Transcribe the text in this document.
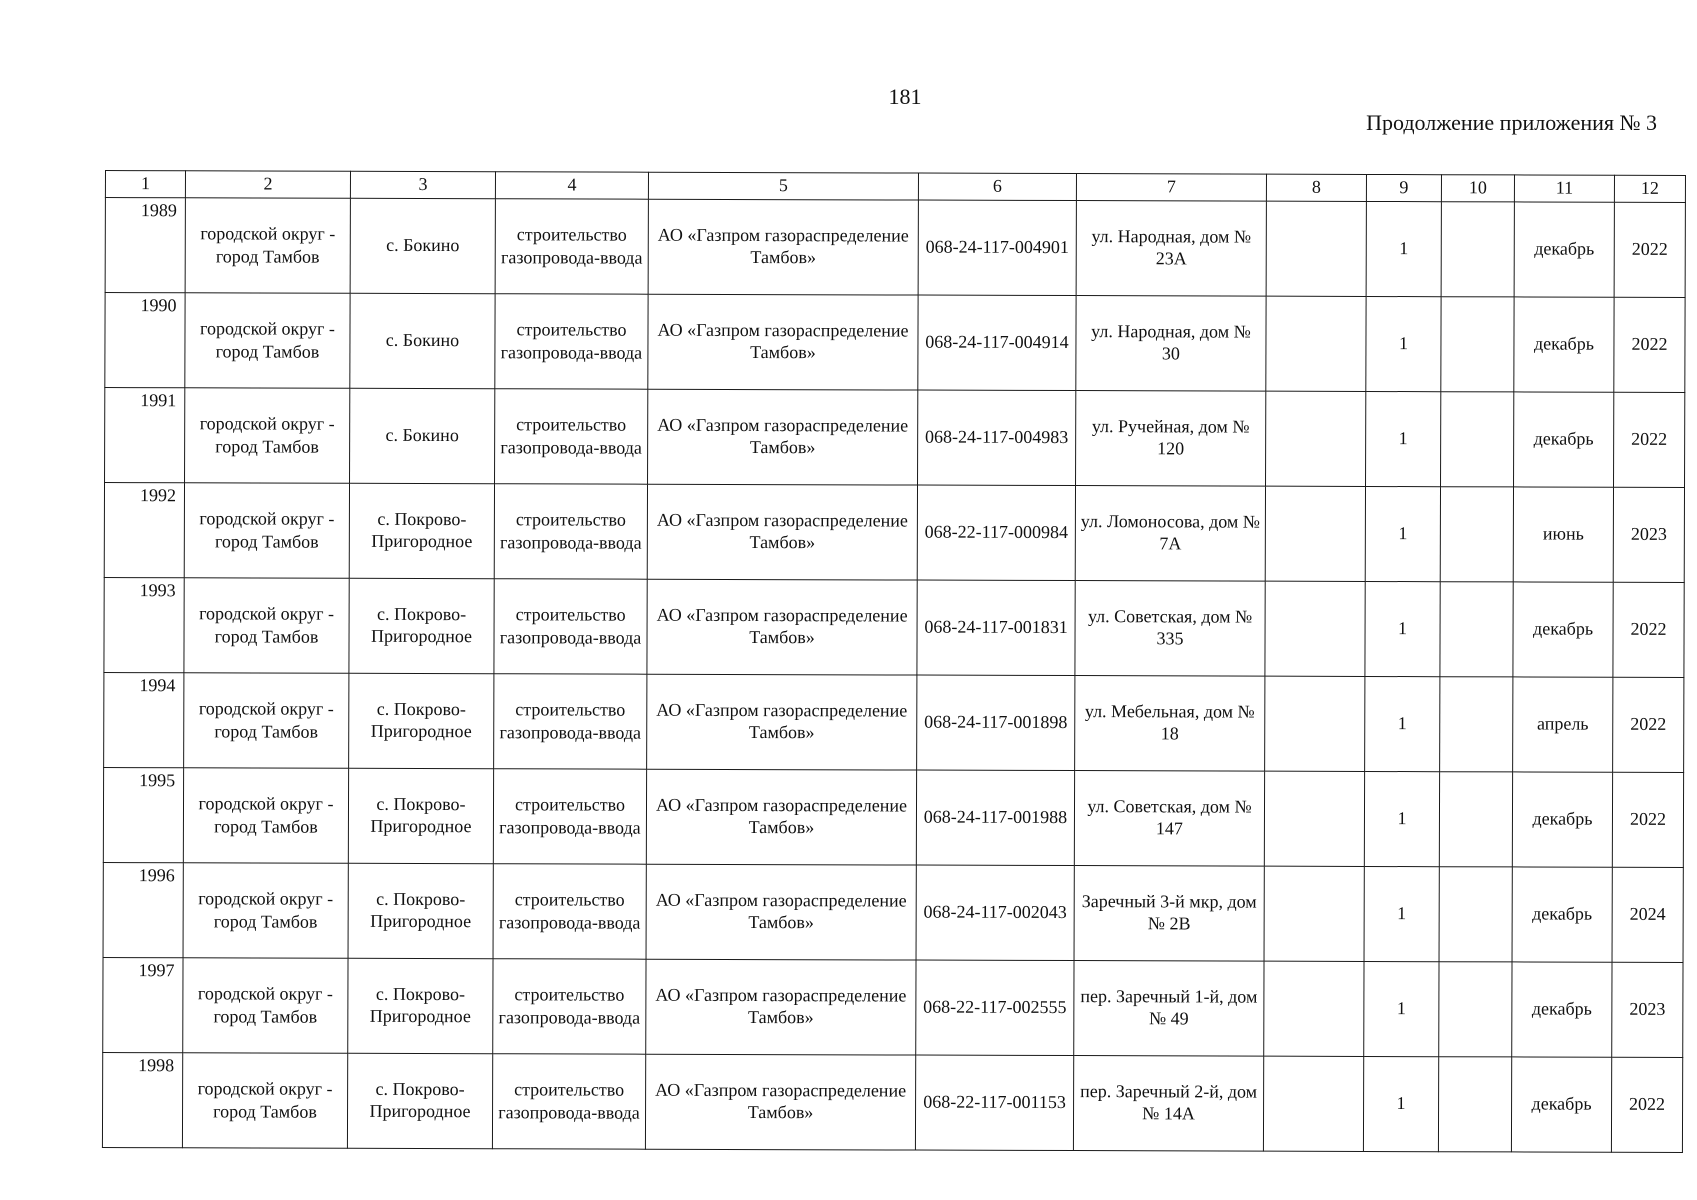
181
Продолжение приложения № 3
1	2	3	4	5	6	7	8	9	10	11	12
1989	городской округ - город Тамбов	с. Бокино	строительство газопровода-ввода	АО «Газпром газораспределение Тамбов»	068-24-117-004901	ул. Народная, дом № 23А		1		декабрь	2022
1990	городской округ - город Тамбов	с. Бокино	строительство газопровода-ввода	АО «Газпром газораспределение Тамбов»	068-24-117-004914	ул. Народная, дом № 30		1		декабрь	2022
1991	городской округ - город Тамбов	с. Бокино	строительство газопровода-ввода	АО «Газпром газораспределение Тамбов»	068-24-117-004983	ул. Ручейная, дом № 120		1		декабрь	2022
1992	городской округ - город Тамбов	с. Покрово-Пригородное	строительство газопровода-ввода	АО «Газпром газораспределение Тамбов»	068-22-117-000984	ул. Ломоносова, дом № 7А		1		июнь	2023
1993	городской округ - город Тамбов	с. Покрово-Пригородное	строительство газопровода-ввода	АО «Газпром газораспределение Тамбов»	068-24-117-001831	ул. Советская, дом № 335		1		декабрь	2022
1994	городской округ - город Тамбов	с. Покрово-Пригородное	строительство газопровода-ввода	АО «Газпром газораспределение Тамбов»	068-24-117-001898	ул. Мебельная, дом № 18		1		апрель	2022
1995	городской округ - город Тамбов	с. Покрово-Пригородное	строительство газопровода-ввода	АО «Газпром газораспределение Тамбов»	068-24-117-001988	ул. Советская, дом № 147		1		декабрь	2022
1996	городской округ - город Тамбов	с. Покрово-Пригородное	строительство газопровода-ввода	АО «Газпром газораспределение Тамбов»	068-24-117-002043	Заречный 3-й мкр, дом № 2В		1		декабрь	2024
1997	городской округ - город Тамбов	с. Покрово-Пригородное	строительство газопровода-ввода	АО «Газпром газораспределение Тамбов»	068-22-117-002555	пер. Заречный 1-й, дом № 49		1		декабрь	2023
1998	городской округ - город Тамбов	с. Покрово-Пригородное	строительство газопровода-ввода	АО «Газпром газораспределение Тамбов»	068-22-117-001153	пер. Заречный 2-й, дом № 14А		1		декабрь	2022
